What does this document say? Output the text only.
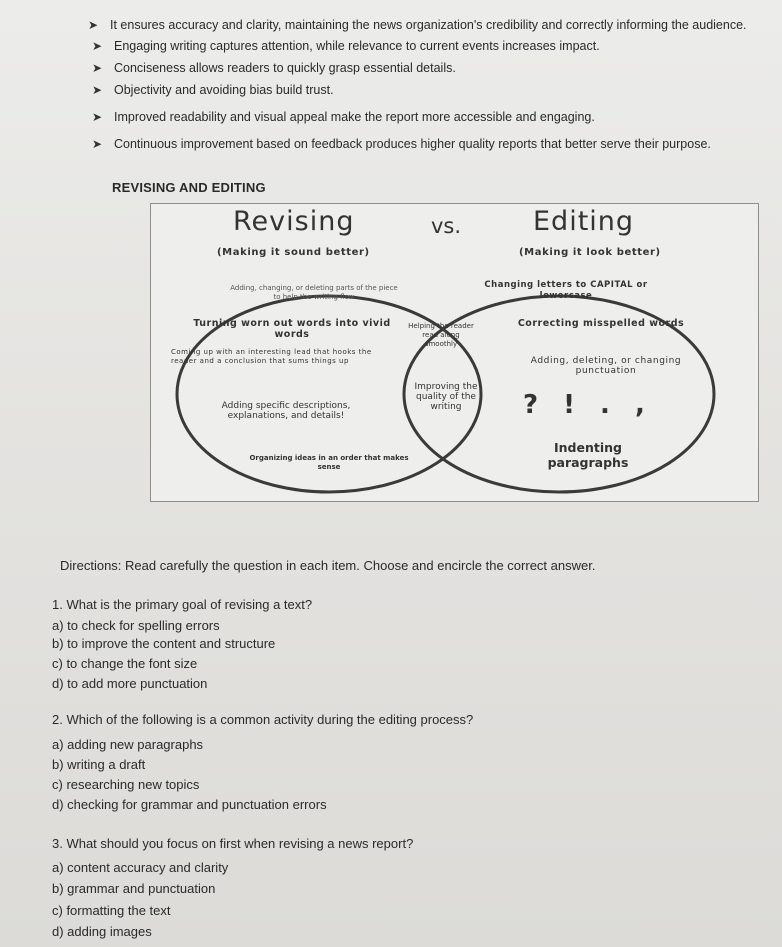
➤ It ensures accuracy and clarity, maintaining the news organization's credibility and correctly informing the audience.
➤ Engaging writing captures attention, while relevance to current events increases impact.
➤ Conciseness allows readers to quickly grasp essential details.
➤ Objectivity and avoiding bias build trust.
➤ Improved readability and visual appeal make the report more accessible and engaging.
➤ Continuous improvement based on feedback produces higher quality reports that better serve their purpose.
REVISING AND EDITING
Revising	vs.	Editing
(Making it sound better)	(Making it look better)
Adding, changing, or deleting parts of the piece to help the writing flow
Turning worn out words into vivid words
Coming up with an interesting lead that hooks the reader and a conclusion that sums things up
Adding specific descriptions, explanations, and details!
Organizing ideas in an order that makes sense
Helping the reader read along smoothly
Improving the quality of the writing
Changing letters to CAPITAL or lowercase
Correcting misspelled words
Adding, deleting, or changing punctuation
? ! . ,
Indenting paragraphs
Directions: Read carefully the question in each item. Choose and encircle the correct answer.
1. What is the primary goal of revising a text?
a) to check for spelling errors
b) to improve the content and structure
c) to change the font size
d) to add more punctuation
2. Which of the following is a common activity during the editing process?
a) adding new paragraphs
b) writing a draft
c) researching new topics
d) checking for grammar and punctuation errors
3. What should you focus on first when revising a news report?
a) content accuracy and clarity
b) grammar and punctuation
c) formatting the text
d) adding images
